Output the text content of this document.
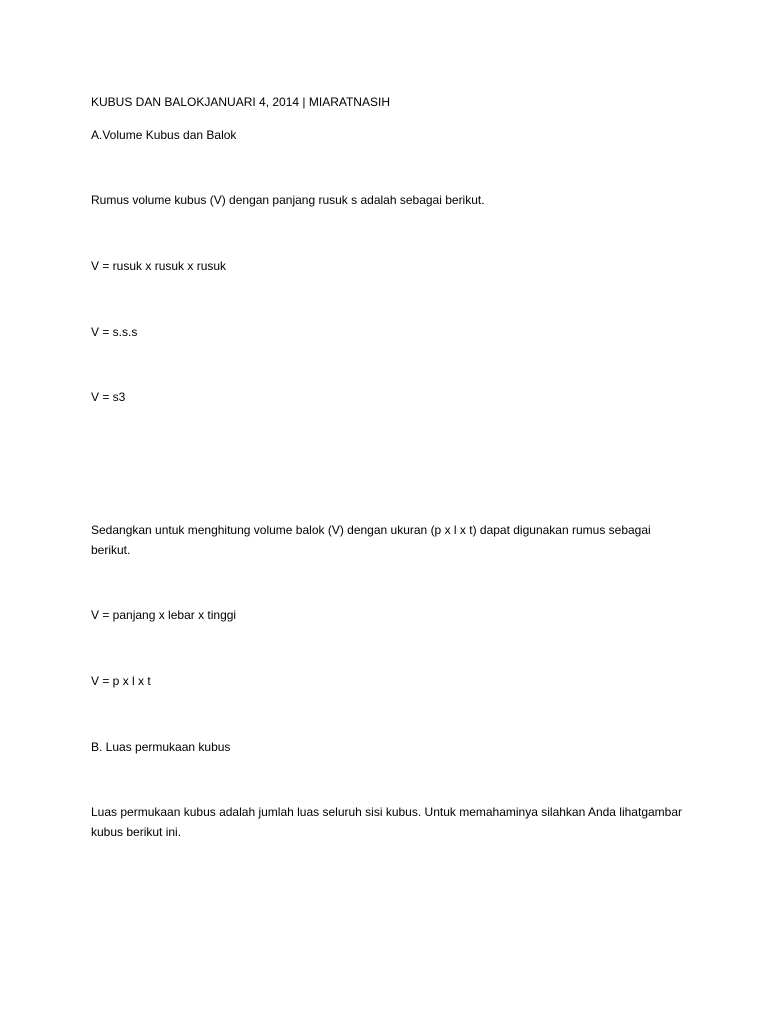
KUBUS DAN BALOKJANUARI 4, 2014 | MIARATNASIH
A.Volume Kubus dan Balok
Rumus volume kubus (V) dengan panjang rusuk s adalah sebagai berikut.
V = rusuk x rusuk x rusuk
V = s.s.s
V = s3
Sedangkan untuk menghitung volume balok (V) dengan ukuran (p x l x t) dapat digunakan rumus sebagai berikut.
V = panjang x lebar x tinggi
V = p x l x t
B. Luas permukaan kubus
Luas permukaan kubus adalah jumlah luas seluruh sisi kubus. Untuk memahaminya silahkan Anda lihatgambar kubus berikut ini.
